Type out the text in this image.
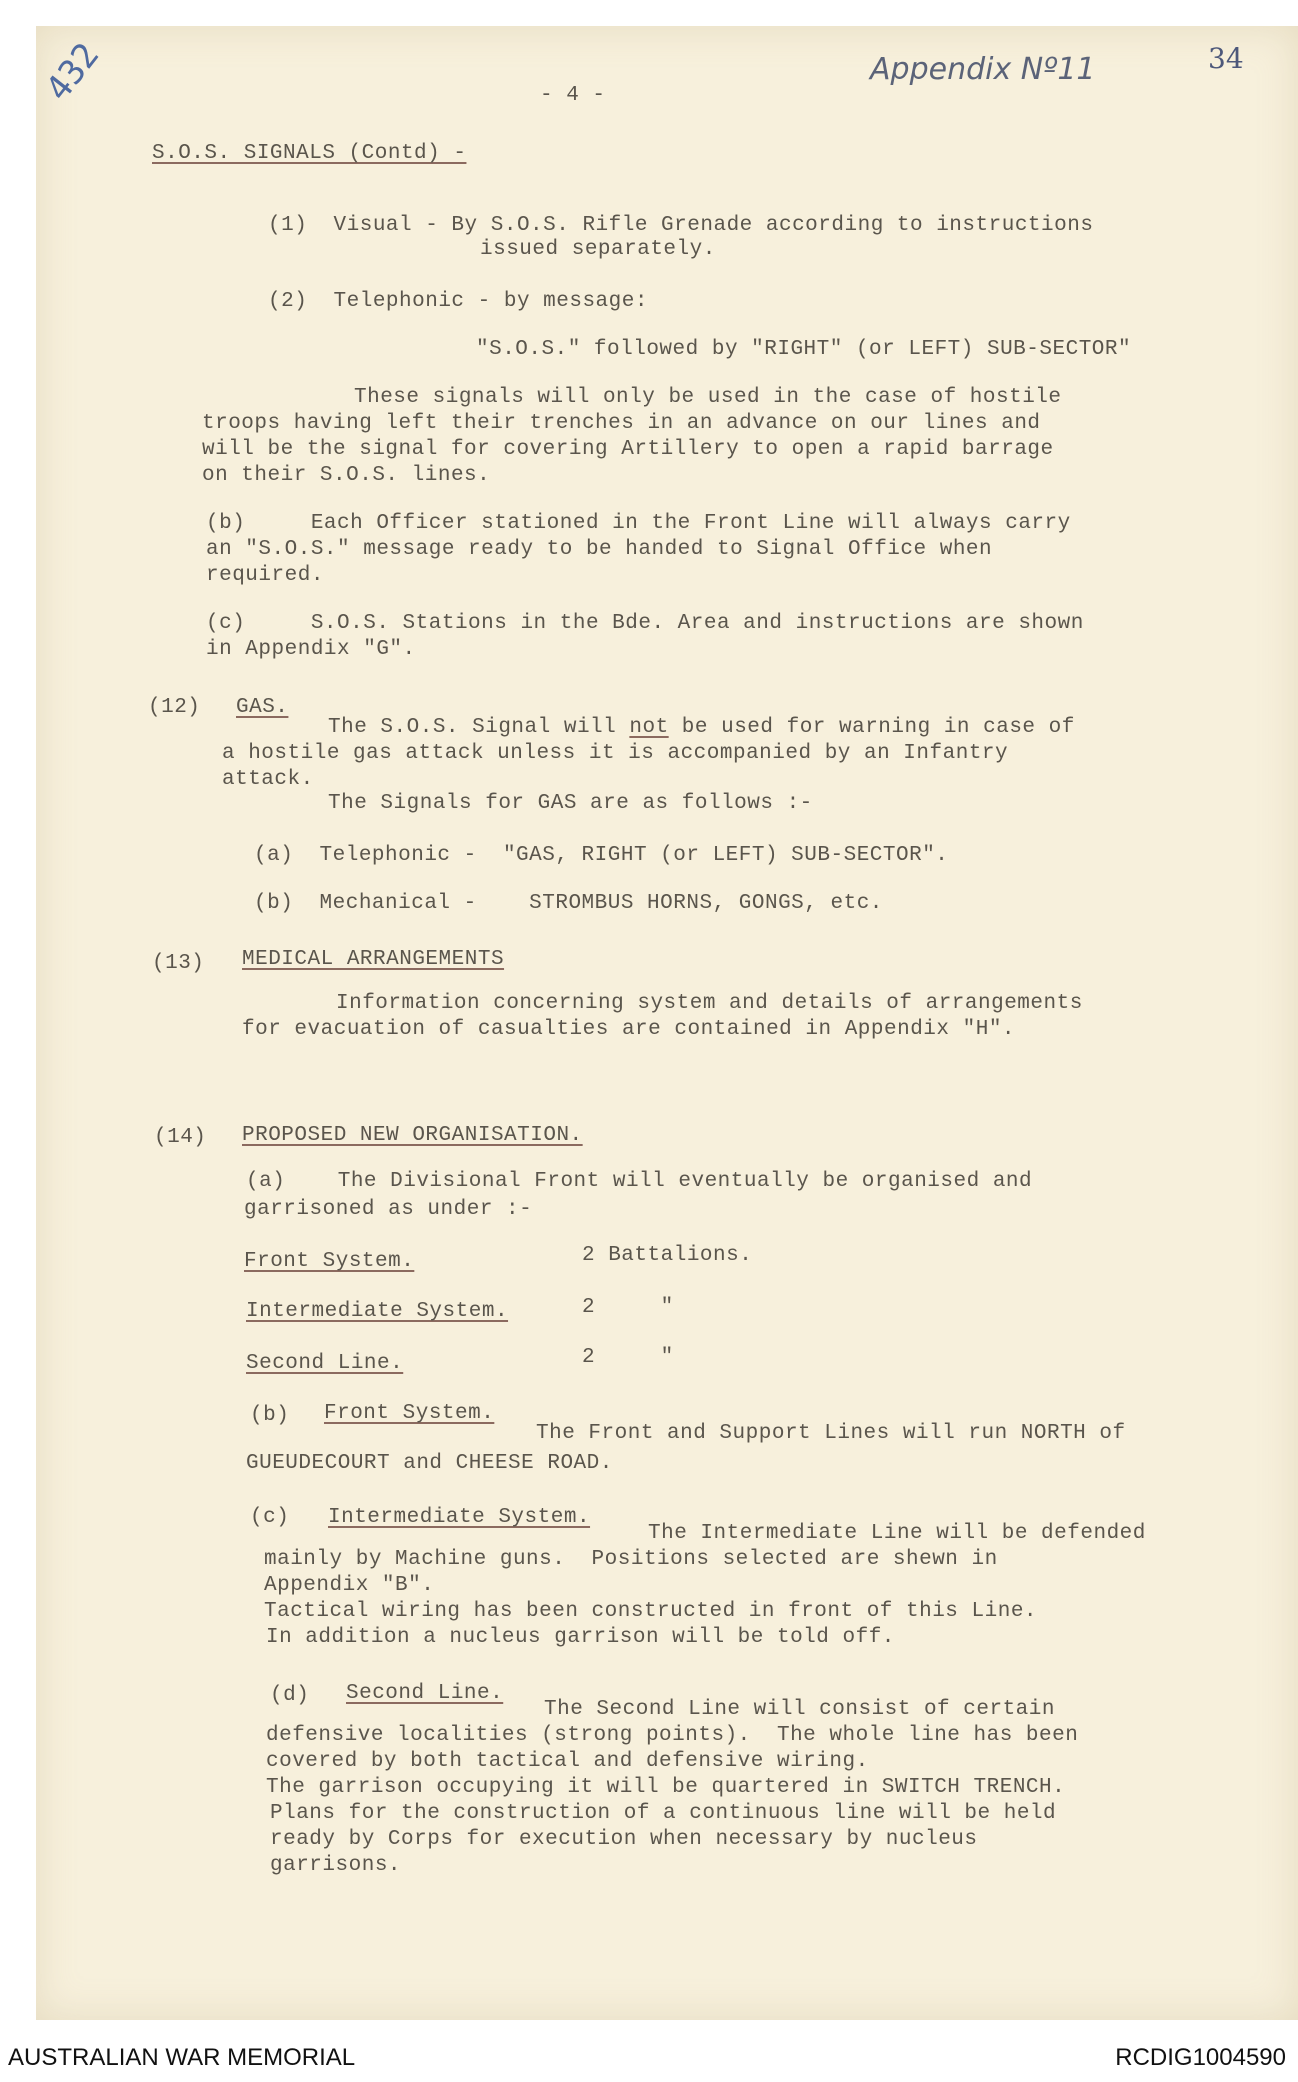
432	Appendix Nº11	34
- 4 -
S.O.S. SIGNALS (Contd) -
(1)  Visual - By S.O.S. Rifle Grenade according to instructions
issued separately.
(2)  Telephonic - by message:
"S.O.S." followed by "RIGHT" (or LEFT) SUB-SECTOR"
These signals will only be used in the case of hostile
troops having left their trenches in an advance on our lines and
will be the signal for covering Artillery to open a rapid barrage
on their S.O.S. lines.
(b)     Each Officer stationed in the Front Line will always carry
an "S.O.S." message ready to be handed to Signal Office when
required.
(c)     S.O.S. Stations in the Bde. Area and instructions are shown
in Appendix "G".
(12) GAS.
The S.O.S. Signal will not be used for warning in case of
a hostile gas attack unless it is accompanied by an Infantry
attack.
The Signals for GAS are as follows :-
(a)  Telephonic -  "GAS, RIGHT (or LEFT) SUB-SECTOR".
(b)  Mechanical -    STROMBUS HORNS, GONGS, etc.
(13) MEDICAL ARRANGEMENTS
Information concerning system and details of arrangements
for evacuation of casualties are contained in Appendix "H".
(14) PROPOSED NEW ORGANISATION.
(a)    The Divisional Front will eventually be organised and
garrisoned as under :-
Front System.	2 Battalions.
Intermediate System.	2     "
Second Line.	2     "
(b) Front System.
The Front and Support Lines will run NORTH of
GUEUDECOURT and CHEESE ROAD.
(c) Intermediate System.
The Intermediate Line will be defended
mainly by Machine guns.  Positions selected are shewn in
Appendix "B".
Tactical wiring has been constructed in front of this Line.
In addition a nucleus garrison will be told off.
(d) Second Line.
The Second Line will consist of certain
defensive localities (strong points).  The whole line has been
covered by both tactical and defensive wiring.
The garrison occupying it will be quartered in SWITCH TRENCH.
Plans for the construction of a continuous line will be held
ready by Corps for execution when necessary by nucleus
garrisons.
AUSTRALIAN WAR MEMORIAL	RCDIG1004590
